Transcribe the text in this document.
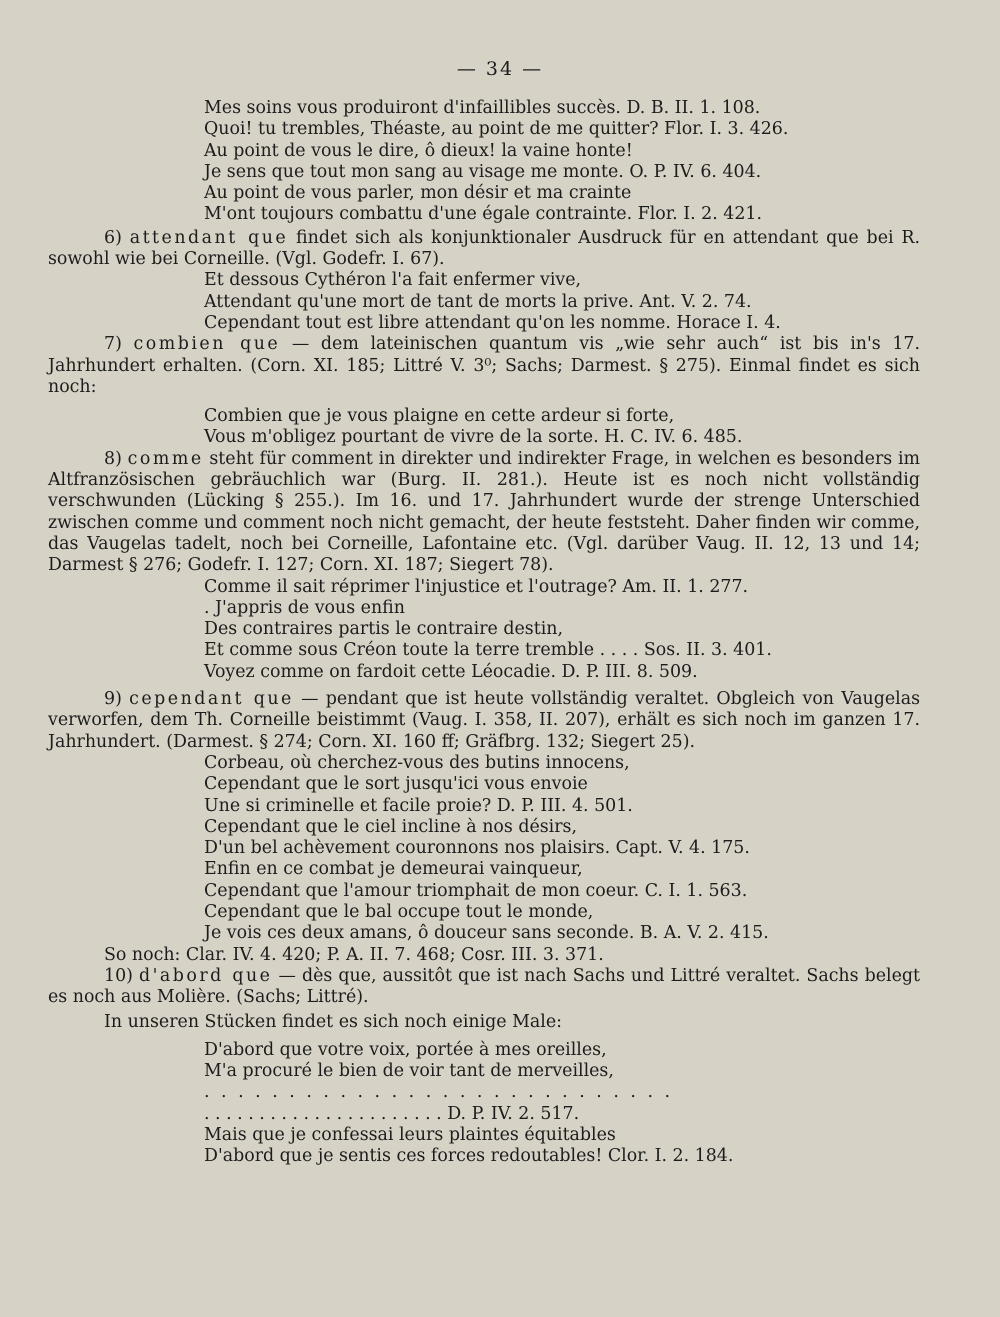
— 34 —
Mes soins vous produiront d'infaillibles succès. D. B. II. 1. 108.
Quoi! tu trembles, Théaste, au point de me quitter? Flor. I. 3. 426.
Au point de vous le dire, ô dieux! la vaine honte!
Je sens que tout mon sang au visage me monte. O. P. IV. 6. 404.
Au point de vous parler, mon désir et ma crainte
M'ont toujours combattu d'une égale contrainte. Flor. I. 2. 421.
6) attendant que findet sich als konjunktionaler Ausdruck für en attendant que bei R. sowohl wie bei Corneille. (Vgl. Godefr. I. 67).
Et dessous Cythéron l'a fait enfermer vive,
Attendant qu'une mort de tant de morts la prive. Ant. V. 2. 74.
Cependant tout est libre attendant qu'on les nomme. Horace I. 4.
7) combien que — dem lateinischen quantum vis „wie sehr auch“ ist bis in's 17. Jahrhundert erhalten. (Corn. XI. 185; Littré V. 3⁰; Sachs; Darmest. § 275). Einmal findet es sich noch:
Combien que je vous plaigne en cette ardeur si forte,
Vous m'obligez pourtant de vivre de la sorte. H. C. IV. 6. 485.
8) comme steht für comment in direkter und indirekter Frage, in welchen es besonders im Altfranzösischen gebräuchlich war (Burg. II. 281.). Heute ist es noch nicht vollständig verschwunden (Lücking § 255.). Im 16. und 17. Jahrhundert wurde der strenge Unterschied zwischen comme und comment noch nicht gemacht, der heute feststeht. Daher finden wir comme, das Vaugelas tadelt, noch bei Corneille, Lafontaine etc. (Vgl. darüber Vaug. II. 12, 13 und 14; Darmest § 276; Godefr. I. 127; Corn. XI. 187; Siegert 78).
Comme il sait réprimer l'injustice et l'outrage? Am. II. 1. 277.
. J'appris de vous enfin
Des contraires partis le contraire destin,
Et comme sous Créon toute la terre tremble . . . . Sos. II. 3. 401.
Voyez comme on fardoit cette Léocadie. D. P. III. 8. 509.
9) cependant que — pendant que ist heute vollständig veraltet. Obgleich von Vaugelas verworfen, dem Th. Corneille beistimmt (Vaug. I. 358, II. 207), erhält es sich noch im ganzen 17. Jahrhundert. (Darmest. § 274; Corn. XI. 160 ff; Gräfbrg. 132; Siegert 25).
Corbeau, où cherchez-vous des butins innocens,
Cependant que le sort jusqu'ici vous envoie
Une si criminelle et facile proie? D. P. III. 4. 501.
Cependant que le ciel incline à nos désirs,
D'un bel achèvement couronnons nos plaisirs. Capt. V. 4. 175.
Enfin en ce combat je demeurai vainqueur,
Cependant que l'amour triomphait de mon coeur. C. I. 1. 563.
Cependant que le bal occupe tout le monde,
Je vois ces deux amans, ô douceur sans seconde. B. A. V. 2. 415.
So noch: Clar. IV. 4. 420; P. A. II. 7. 468; Cosr. III. 3. 371.
10) d'abord que — dès que, aussitôt que ist nach Sachs und Littré veraltet. Sachs belegt es noch aus Molière. (Sachs; Littré).
In unseren Stücken findet es sich noch einige Male:
D'abord que votre voix, portée à mes oreilles,
M'a procuré le bien de voir tant de merveilles,
. . . . . . . . . . . . . . . . . . . . . . . . . . . .
. . . . . . . . . . . . . . . . . . . . . . D. P. IV. 2. 517.
Mais que je confessai leurs plaintes équitables
D'abord que je sentis ces forces redoutables! Clor. I. 2. 184.
